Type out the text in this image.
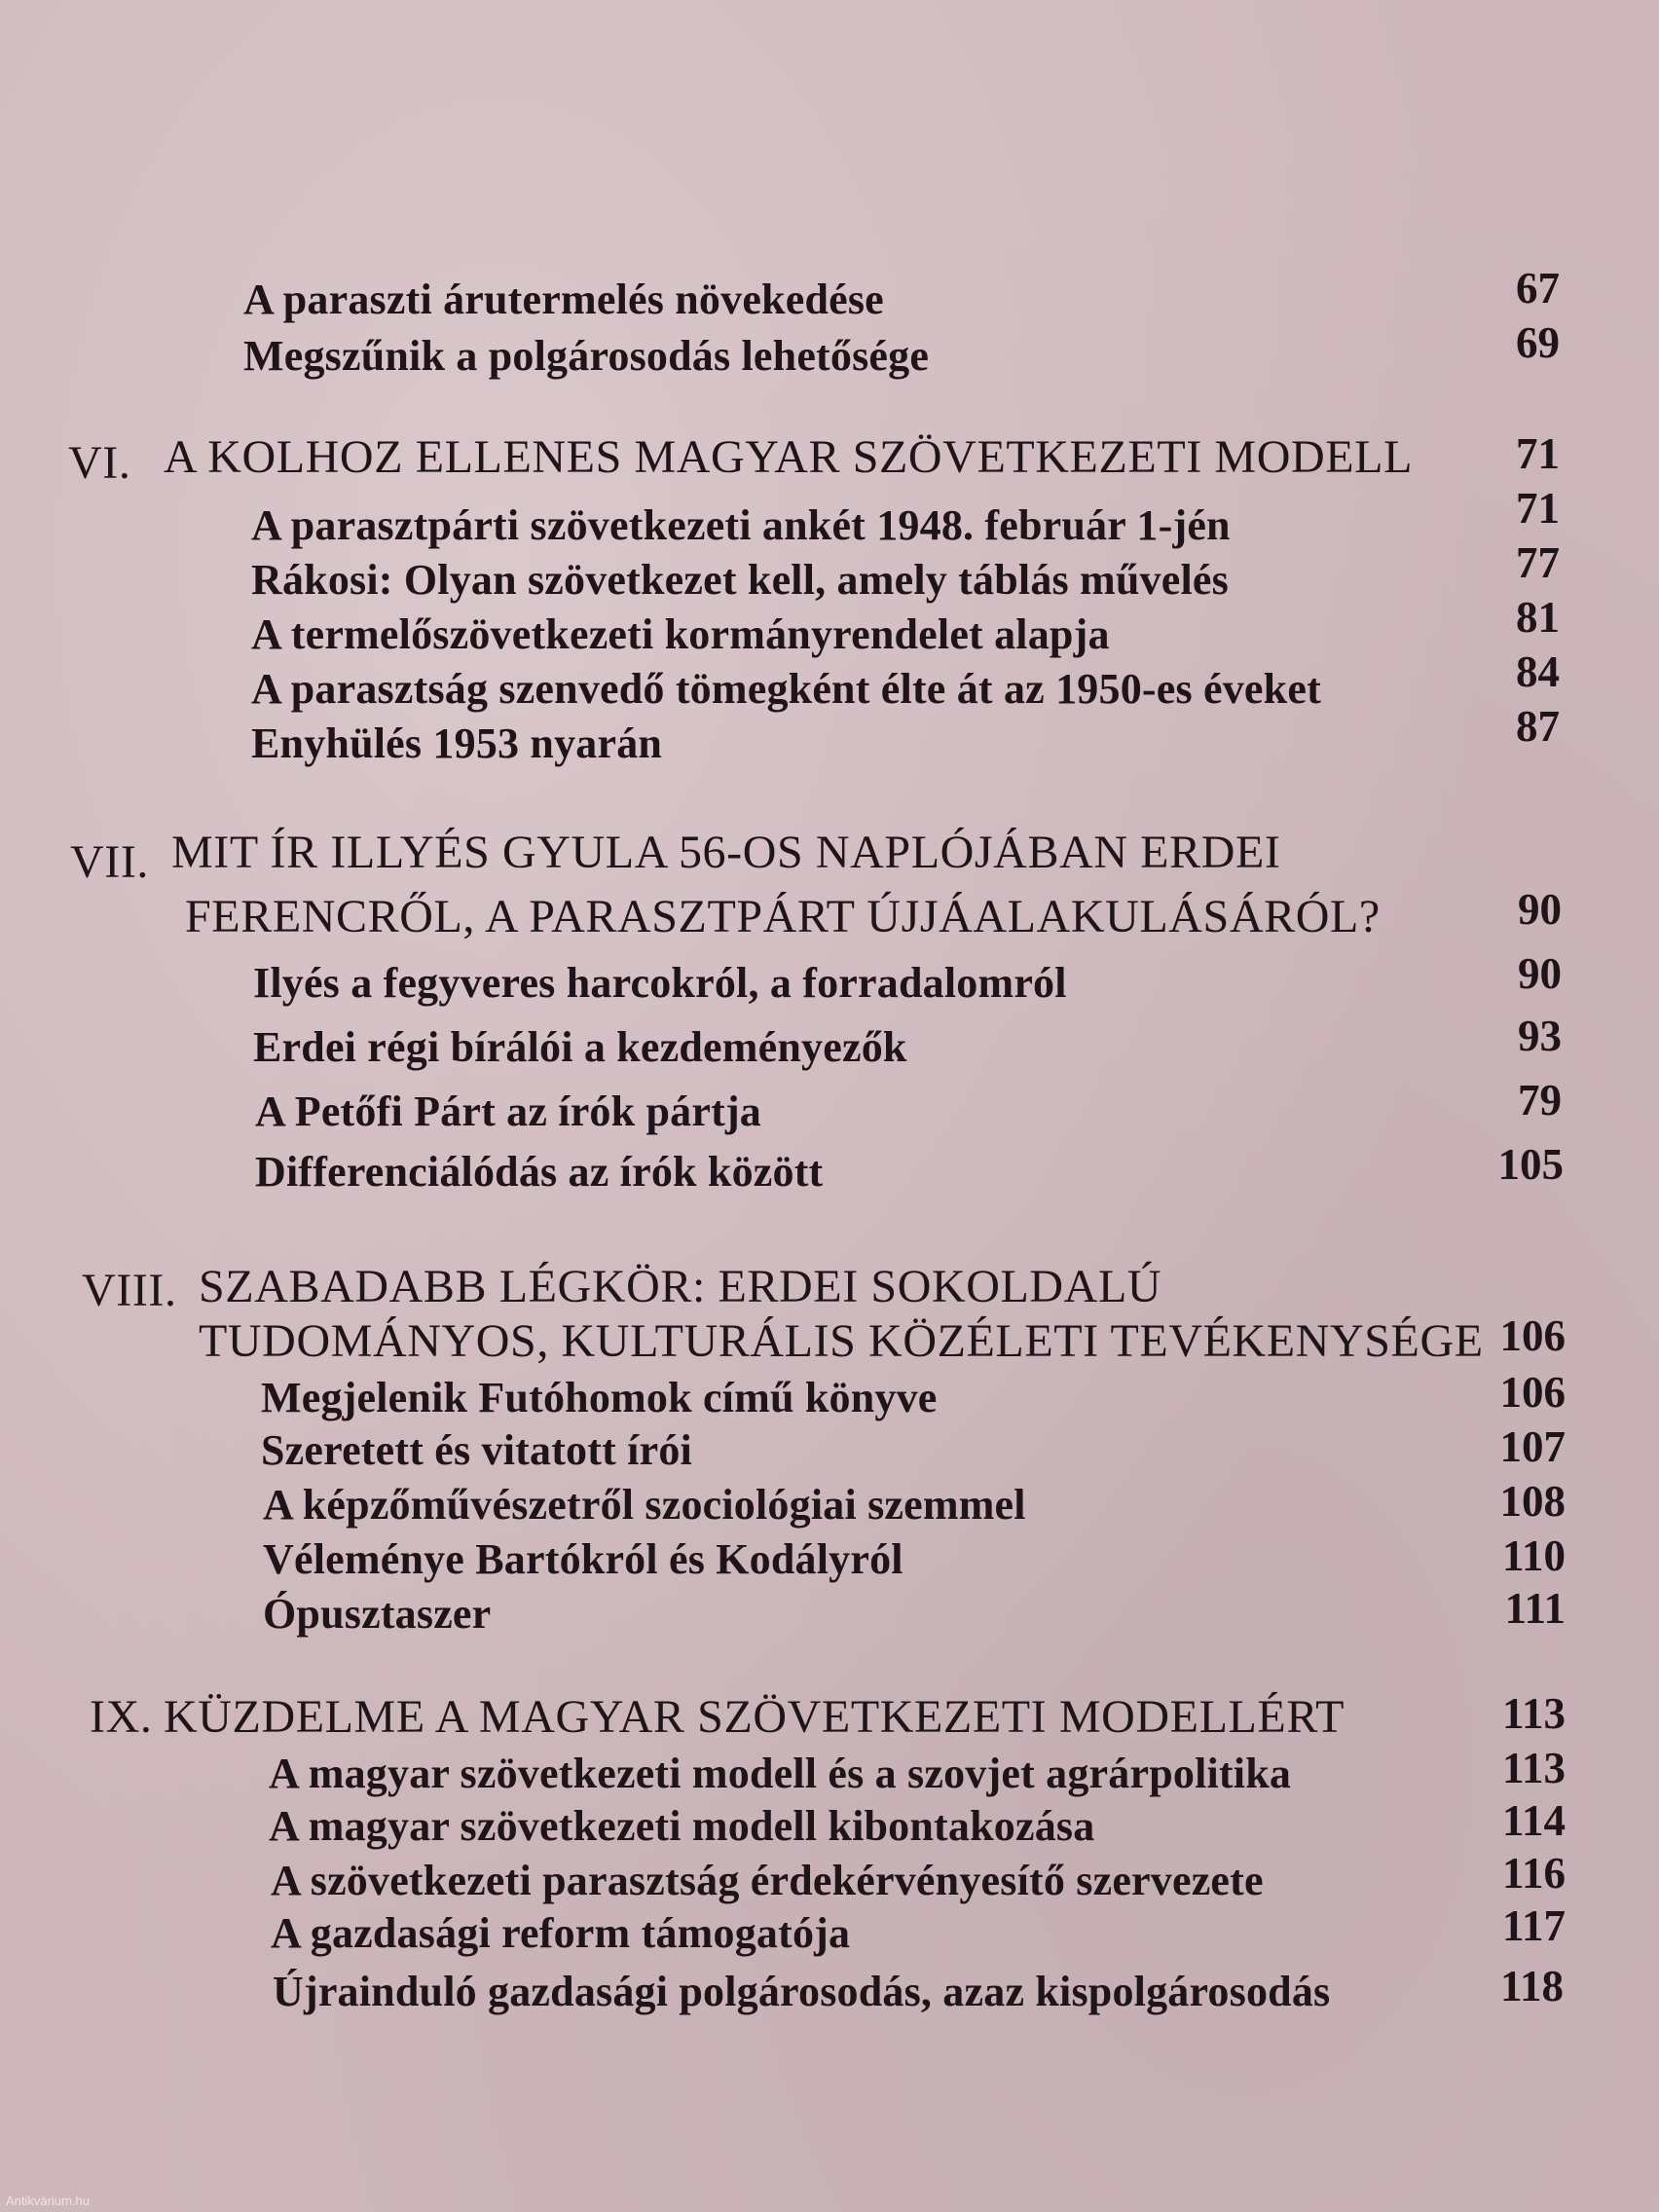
A paraszti árutermelés növekedése	67
Megszűnik a polgárosodás lehetősége	69
VI. A KOLHOZ ELLENES MAGYAR SZÖVETKEZETI MODELL	71
A parasztpárti szövetkezeti ankét 1948. február 1-jén	71
Rákosi: Olyan szövetkezet kell, amely táblás művelés	77
A termelőszövetkezeti kormányrendelet alapja	81
A parasztság szenvedő tömegként élte át az 1950-es éveket	84
Enyhülés 1953 nyarán	87
VII. MIT ÍR ILLYÉS GYULA 56-OS NAPLÓJÁBAN ERDEI
FERENCRŐL, A PARASZTPÁRT ÚJJÁALAKULÁSÁRÓL?	90
Ilyés a fegyveres harcokról, a forradalomról	90
Erdei régi bírálói a kezdeményezők	93
A Petőfi Párt az írók pártja	79
Differenciálódás az írók között	105
VIII. SZABADABB LÉGKÖR: ERDEI SOKOLDALÚ
TUDOMÁNYOS, KULTURÁLIS KÖZÉLETI TEVÉKENYSÉGE 106
Megjelenik Futóhomok című könyve	106
Szeretett és vitatott írói	107
A képzőművészetről szociológiai szemmel	108
Véleménye Bartókról és Kodályról	110
Ópusztaszer	111
IX. KÜZDELME A MAGYAR SZÖVETKEZETI MODELLÉRT	113
A magyar szövetkezeti modell és a szovjet agrárpolitika	113
A magyar szövetkezeti modell kibontakozása	114
A szövetkezeti parasztság érdekérvényesítő szervezete	116
A gazdasági reform támogatója	117
Újrainduló gazdasági polgárosodás, azaz kispolgárosodás	118
Antikvárium.hu
